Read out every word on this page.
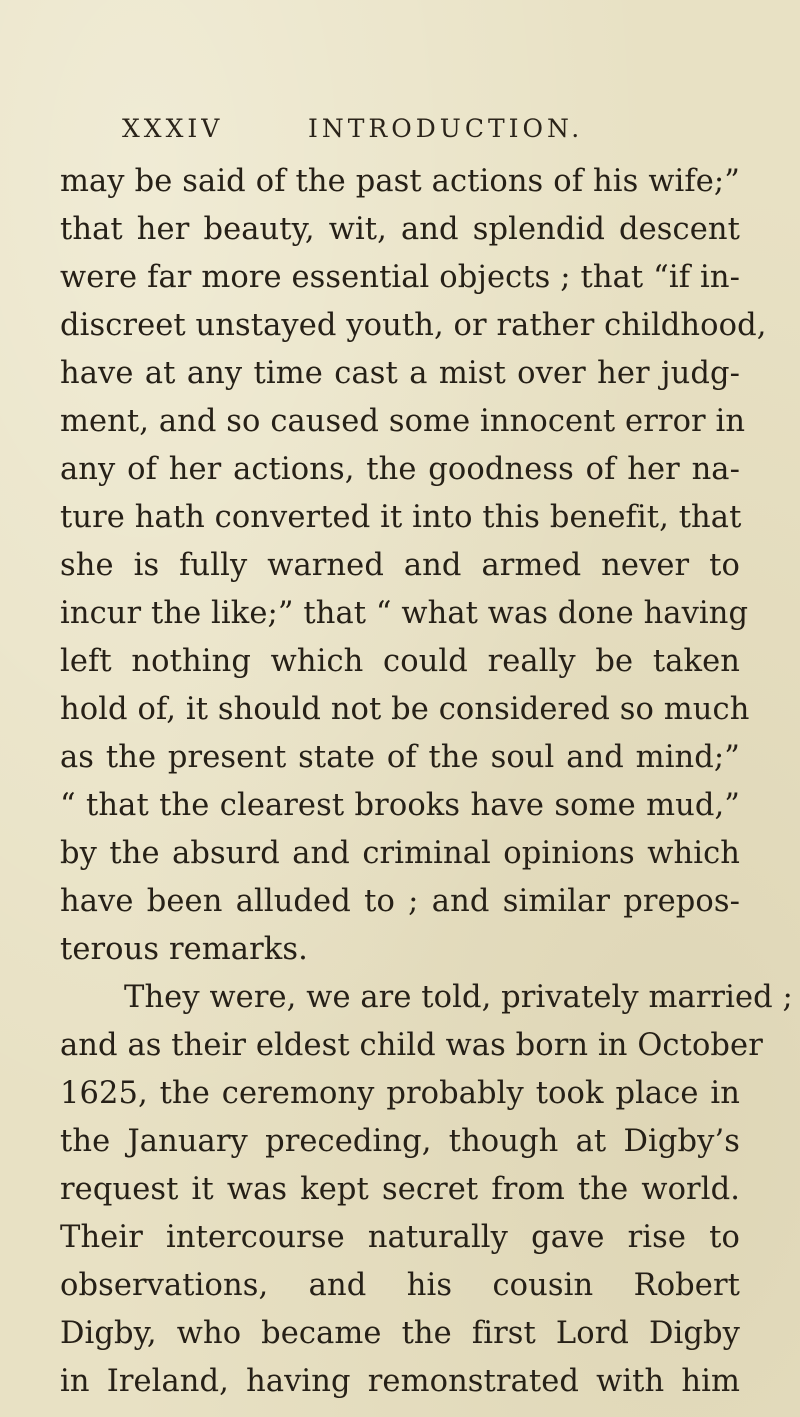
XXXIV	INTRODUCTION.
may be said of the past actions of his wife;”
that her beauty, wit, and splendid descent
were far more essential objects ; that “if in-
discreet unstayed youth, or rather childhood,
have at any time cast a mist over her judg-
ment, and so caused some innocent error in
any of her actions, the goodness of her na-
ture hath converted it into this benefit, that
she is fully warned and armed never to
incur the like;” that “ what was done having
left nothing which could really be taken
hold of, it should not be considered so much
as the present state of the soul and mind;”
“ that the clearest brooks have some mud,”
by the absurd and criminal opinions which
have been alluded to ; and similar prepos-
terous remarks.
They were, we are told, privately married ;
and as their eldest child was born in October
1625, the ceremony probably took place in
the January preceding, though at Digby’s
request it was kept secret from the world.
Their intercourse naturally gave rise to
observations, and his cousin Robert
Digby, who became the first Lord Digby
in Ireland, having remonstrated with him
